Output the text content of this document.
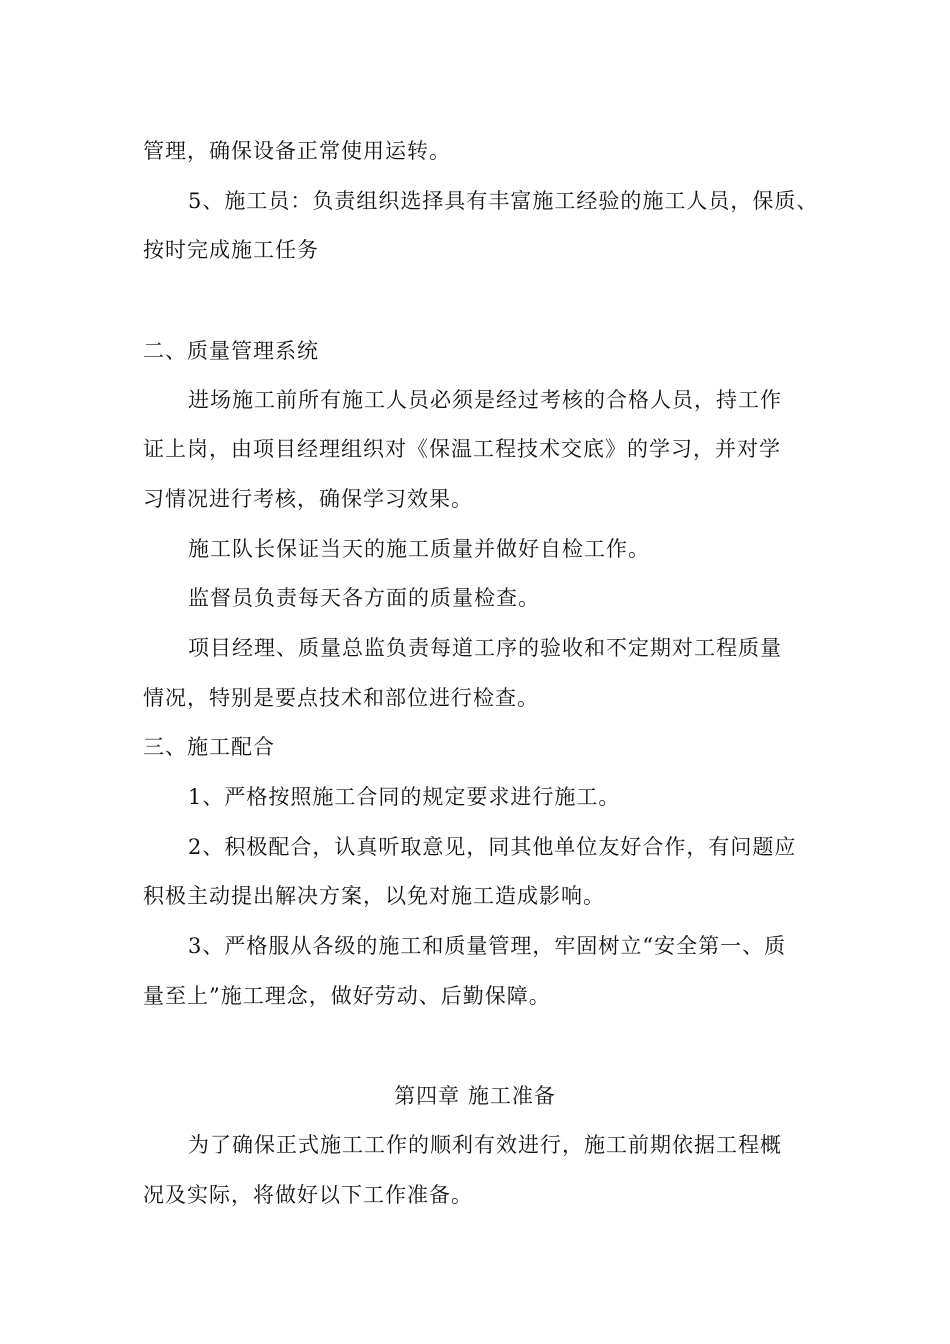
管理，确保设备正常使用运转。
5、施工员：负责组织选择具有丰富施工经验的施工人员，保质、
按时完成施工任务
二、质量管理系统
进场施工前所有施工人员必须是经过考核的合格人员，持工作
证上岗，由项目经理组织对《保温工程技术交底》的学习，并对学
习情况进行考核，确保学习效果。
施工队长保证当天的施工质量并做好自检工作。
监督员负责每天各方面的质量检查。
项目经理、质量总监负责每道工序的验收和不定期对工程质量
情况，特别是要点技术和部位进行检查。
三、施工配合
1、严格按照施工合同的规定要求进行施工。
2、积极配合，认真听取意见，同其他单位友好合作，有问题应
积极主动提出解决方案，以免对施工造成影响。
3、严格服从各级的施工和质量管理，牢固树立“安全第一、质
量至上”施工理念，做好劳动、后勤保障。
第四章 施工准备
为了确保正式施工工作的顺利有效进行，施工前期依据工程概
况及实际，将做好以下工作准备。
